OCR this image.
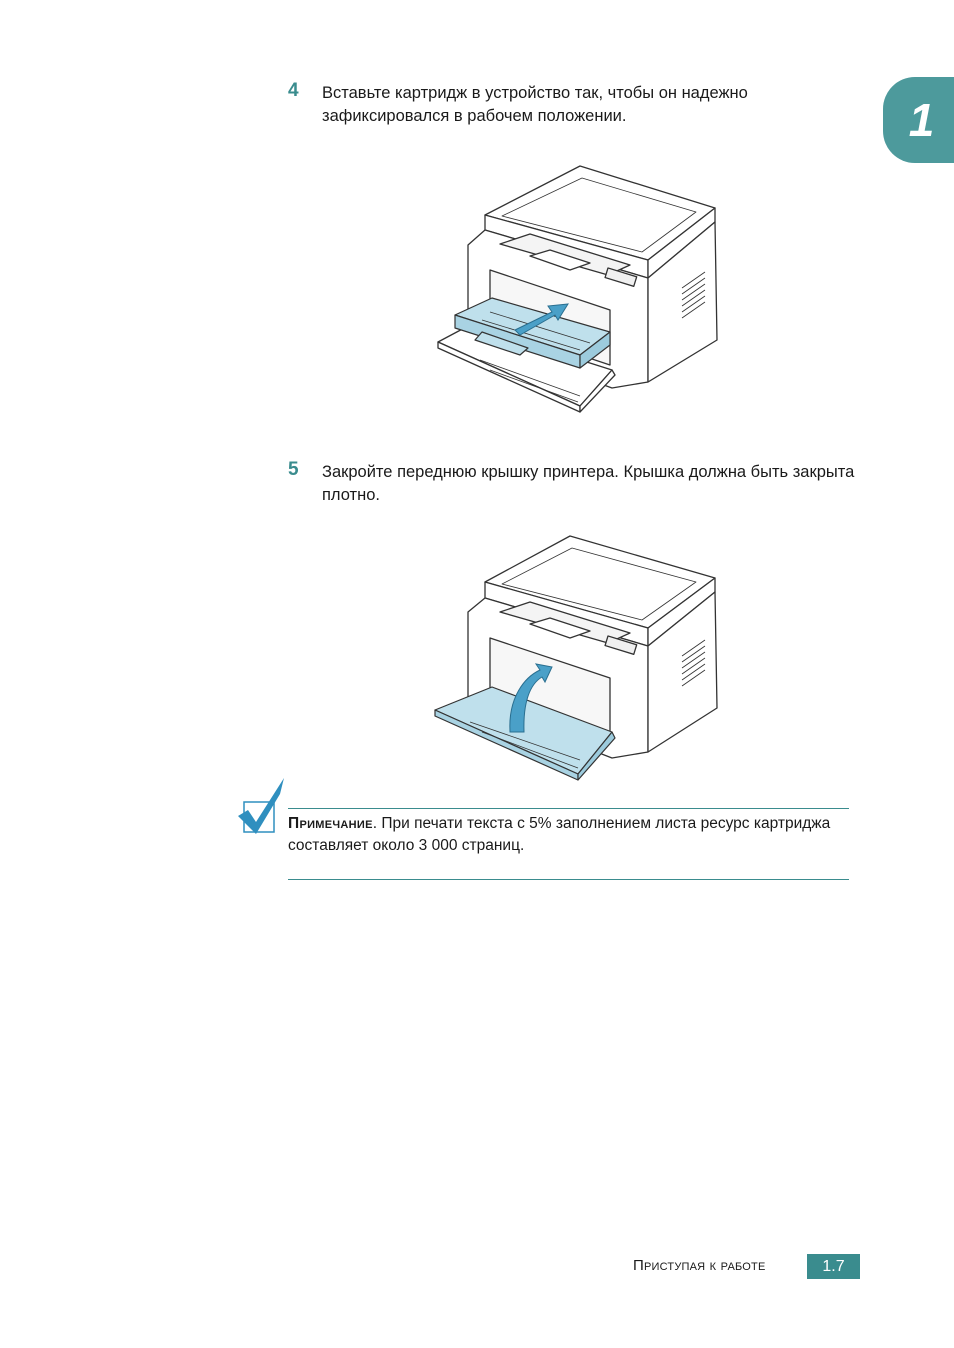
1
4 Вставьте картридж в устройство так, чтобы он надежно зафиксировался в рабочем положении.
5 Закройте переднюю крышку принтера. Крышка должна быть закрыта плотно.
Примечание. При печати текста с 5% заполнением листа ресурс картриджа составляет около 3 000 страниц.
Приступая к работе	1.7
